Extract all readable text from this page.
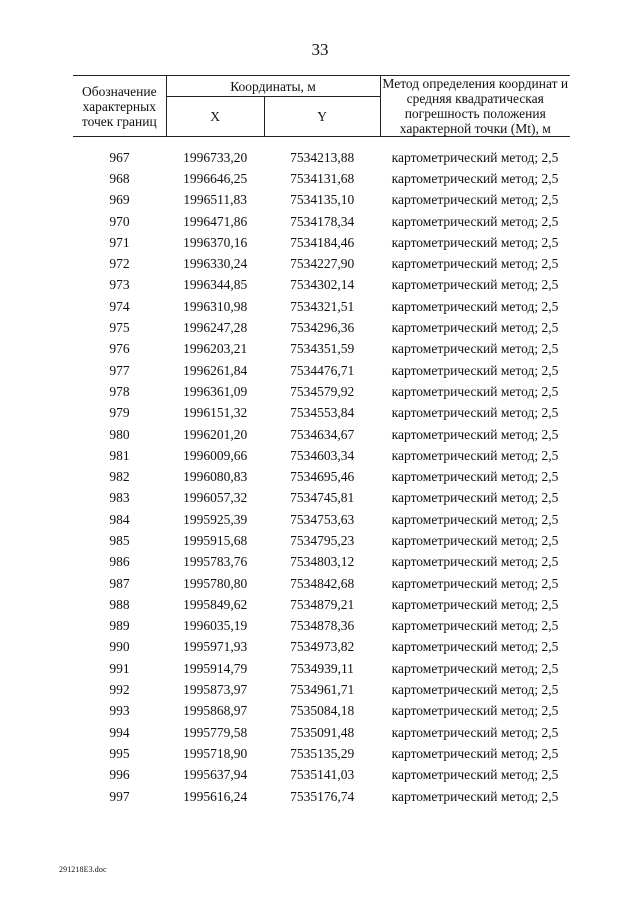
33
Обозначение характерных точек границ	Координаты, м		Метод определения координат и средняя квадратическая погрешность положения характерной точки (Mt), м
	X	Y	
967	1996733,20	7534213,88	картометрический метод; 2,5
968	1996646,25	7534131,68	картометрический метод; 2,5
969	1996511,83	7534135,10	картометрический метод; 2,5
970	1996471,86	7534178,34	картометрический метод; 2,5
971	1996370,16	7534184,46	картометрический метод; 2,5
972	1996330,24	7534227,90	картометрический метод; 2,5
973	1996344,85	7534302,14	картометрический метод; 2,5
974	1996310,98	7534321,51	картометрический метод; 2,5
975	1996247,28	7534296,36	картометрический метод; 2,5
976	1996203,21	7534351,59	картометрический метод; 2,5
977	1996261,84	7534476,71	картометрический метод; 2,5
978	1996361,09	7534579,92	картометрический метод; 2,5
979	1996151,32	7534553,84	картометрический метод; 2,5
980	1996201,20	7534634,67	картометрический метод; 2,5
981	1996009,66	7534603,34	картометрический метод; 2,5
982	1996080,83	7534695,46	картометрический метод; 2,5
983	1996057,32	7534745,81	картометрический метод; 2,5
984	1995925,39	7534753,63	картометрический метод; 2,5
985	1995915,68	7534795,23	картометрический метод; 2,5
986	1995783,76	7534803,12	картометрический метод; 2,5
987	1995780,80	7534842,68	картометрический метод; 2,5
988	1995849,62	7534879,21	картометрический метод; 2,5
989	1996035,19	7534878,36	картометрический метод; 2,5
990	1995971,93	7534973,82	картометрический метод; 2,5
991	1995914,79	7534939,11	картометрический метод; 2,5
992	1995873,97	7534961,71	картометрический метод; 2,5
993	1995868,97	7535084,18	картометрический метод; 2,5
994	1995779,58	7535091,48	картометрический метод; 2,5
995	1995718,90	7535135,29	картометрический метод; 2,5
996	1995637,94	7535141,03	картометрический метод; 2,5
997	1995616,24	7535176,74	картометрический метод; 2,5
291218E3.doc
